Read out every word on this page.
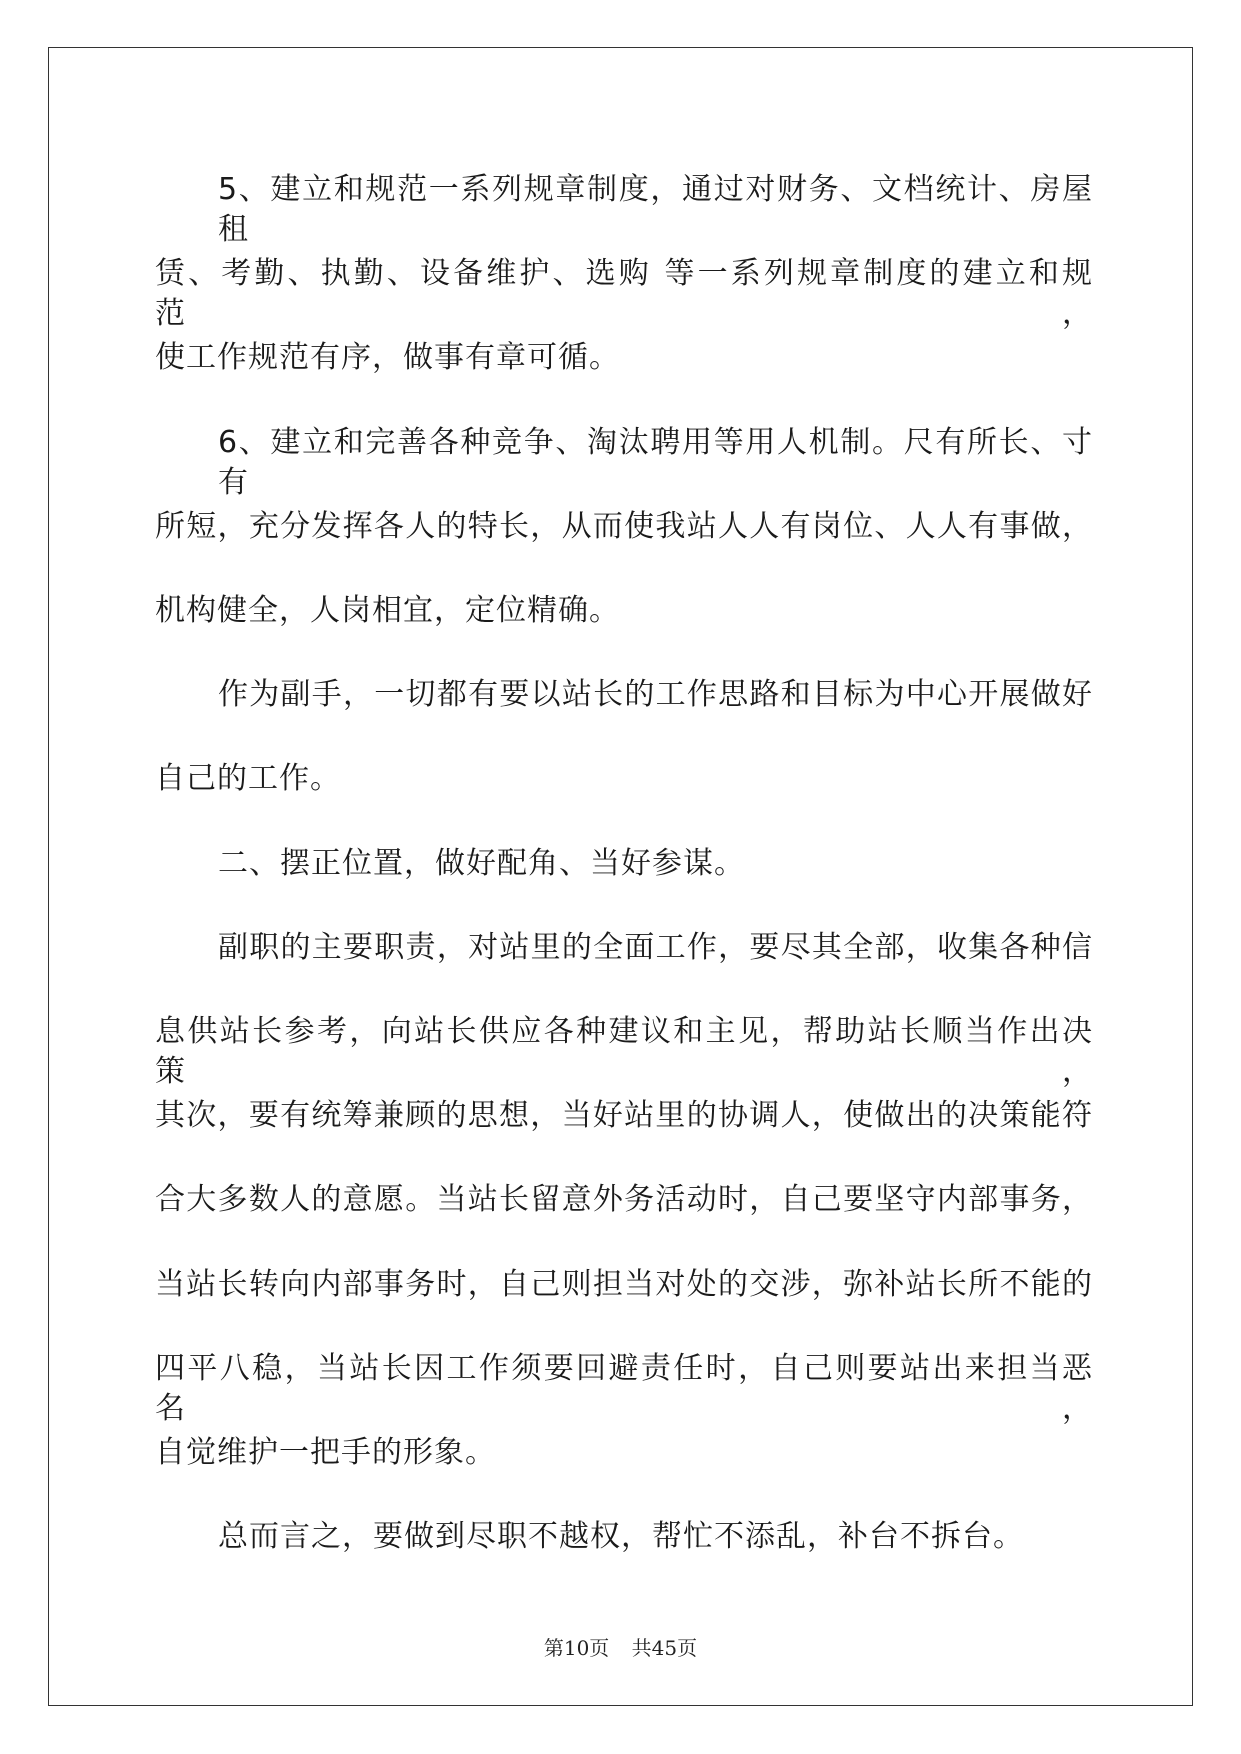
5、建立和规范一系列规章制度，通过对财务、文档统计、房屋租
赁、考勤、执勤、设备维护、选购 等一系列规章制度的建立和规范，
使工作规范有序，做事有章可循。
6、建立和完善各种竞争、淘汰聘用等用人机制。尺有所长、寸有
所短，充分发挥各人的特长，从而使我站人人有岗位、人人有事做，
机构健全，人岗相宜，定位精确。
作为副手，一切都有要以站长的工作思路和目标为中心开展做好
自己的工作。
二、摆正位置，做好配角、当好参谋。
副职的主要职责，对站里的全面工作，要尽其全部，收集各种信
息供站长参考，向站长供应各种建议和主见，帮助站长顺当作出决策，
其次，要有统筹兼顾的思想，当好站里的协调人，使做出的决策能符
合大多数人的意愿。当站长留意外务活动时，自己要坚守内部事务，
当站长转向内部事务时，自己则担当对处的交涉，弥补站长所不能的
四平八稳，当站长因工作须要回避责任时，自己则要站出来担当恶名，
自觉维护一把手的形象。
总而言之，要做到尽职不越权，帮忙不添乱，补台不拆台。
第10页 共45页
